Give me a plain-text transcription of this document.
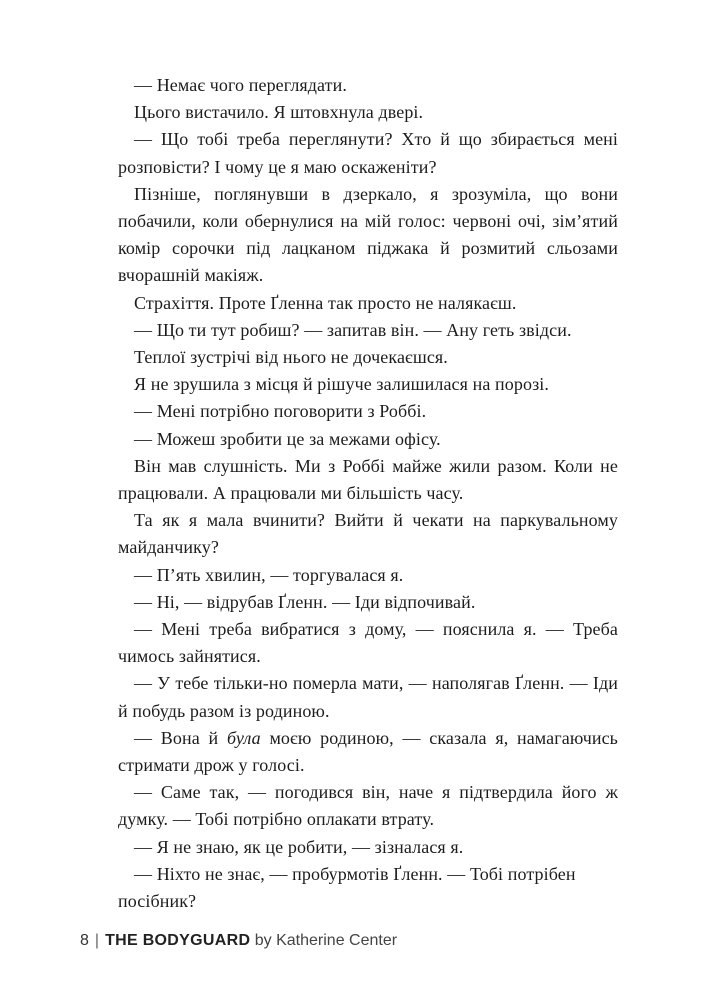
— Немає чого переглядати.

Цього вистачило. Я штовхнула двері.

— Що тобі треба переглянути? Хто й що збирається мені розповісти? І чому це я маю оскаженіти?

Пізніше, поглянувши в дзеркало, я зрозуміла, що вони побачили, коли обернулися на мій голос: червоні очі, зім’ятий комір сорочки під лацканом піджака й розмитий сльозами вчорашній макіяж.

Страхіття. Проте Ґленна так просто не налякаєш.

— Що ти тут робиш? — запитав він. — Ану геть звідси.

Теплої зустрічі від нього не дочекаєшся.

Я не зрушила з місця й рішуче залишилася на порозі.

— Мені потрібно поговорити з Роббі.

— Можеш зробити це за межами офісу.

Він мав слушність. Ми з Роббі майже жили разом. Коли не працювали. А працювали ми більшість часу.

Та як я мала вчинити? Вийти й чекати на паркувальному майданчику?

— П’ять хвилин, — торгувалася я.

— Ні, — відрубав Ґленн. — Іди відпочивай.

— Мені треба вибратися з дому, — пояснила я. — Треба чимось зайнятися.

— У тебе тільки-но померла мати, — наполягав Ґленн. — Іди й побудь разом із родиною.

— Вона й була моєю родиною, — сказала я, намагаючись стримати дрож у голосі.

— Саме так, — погодився він, наче я підтвердила його ж думку. — Тобі потрібно оплакати втрату.

— Я не знаю, як це робити, — зізналася я.

— Ніхто не знає, — пробурмотів Ґленн. — Тобі потрібен посібник?

8 | THE BODYGUARD by Katherine Center
